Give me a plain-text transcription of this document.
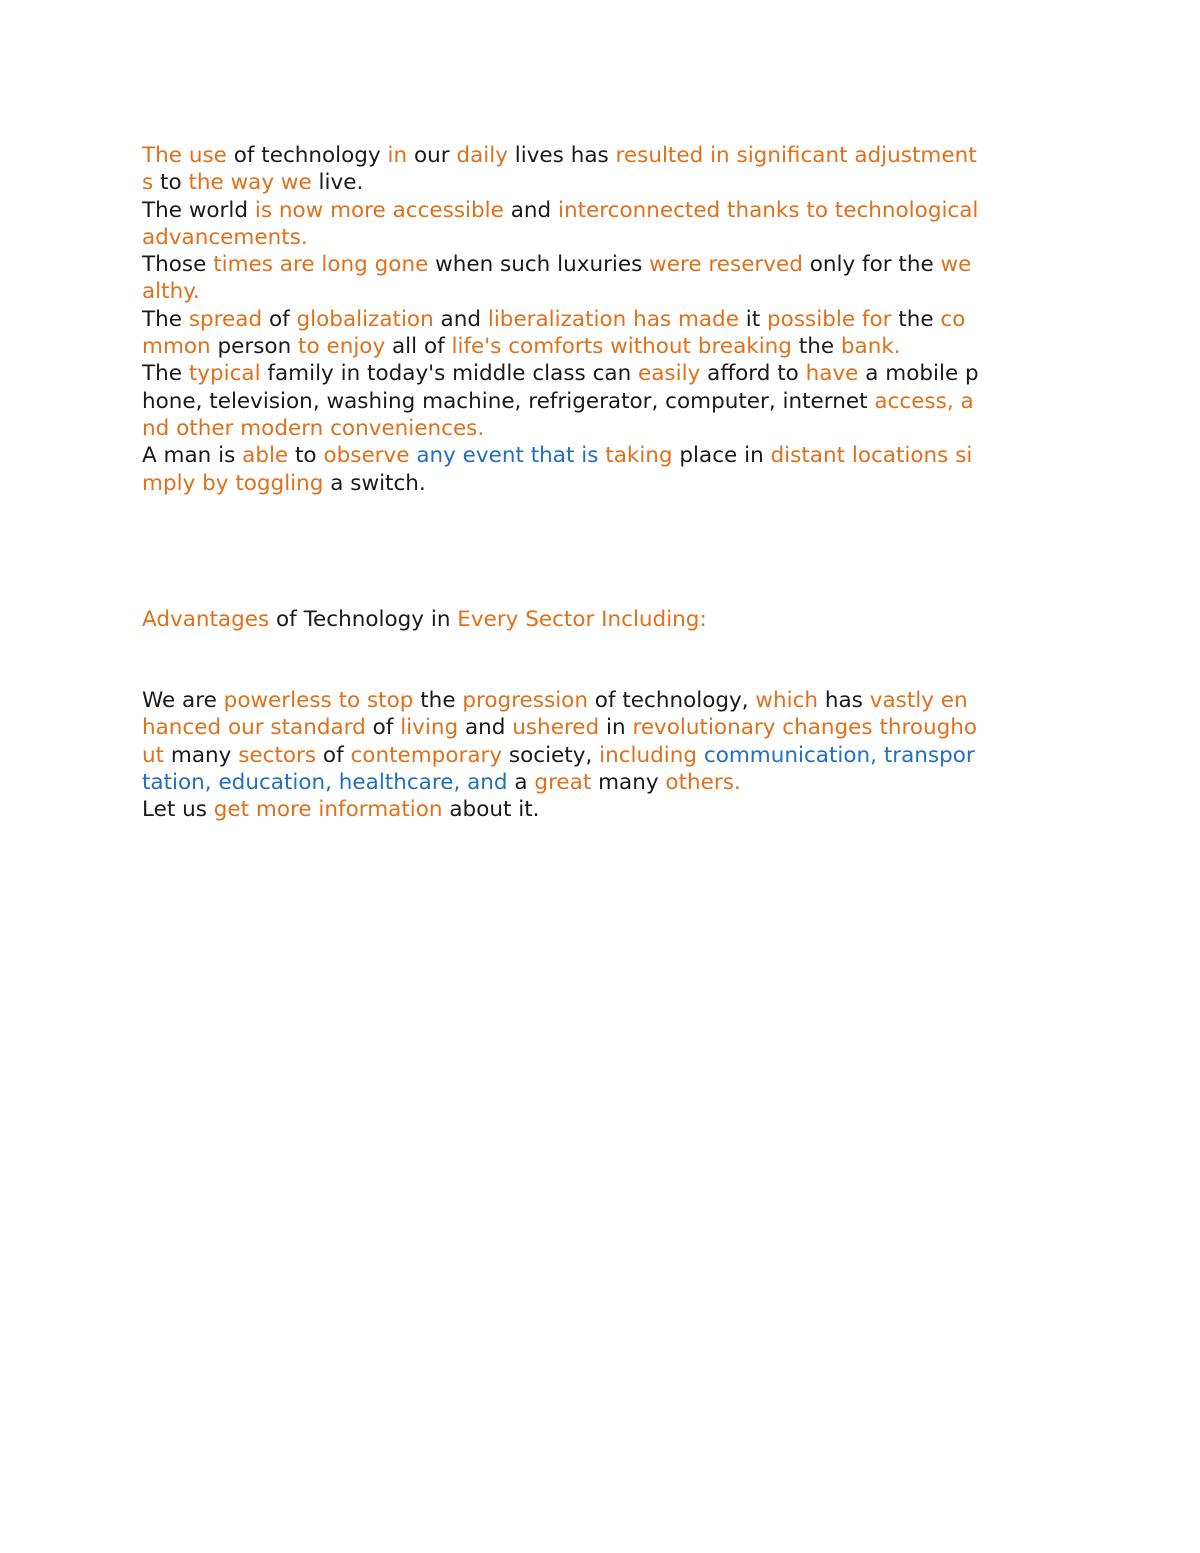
The use of technology in our daily lives has resulted in significant adjustment
s to the way we live.
The world is now more accessible and interconnected thanks to technological
advancements.
Those times are long gone when such luxuries were reserved only for the we
althy.
The spread of globalization and liberalization has made it possible for the co
mmon person to enjoy all of life's comforts without breaking the bank.
The typical family in today's middle class can easily afford to have a mobile p
hone, television, washing machine, refrigerator, computer, internet access, a
nd other modern conveniences.
A man is able to observe any event that is taking place in distant locations si
mply by toggling a switch.
Advantages of Technology in Every Sector Including:
We are powerless to stop the progression of technology, which has vastly en
hanced our standard of living and ushered in revolutionary changes througho
ut many sectors of contemporary society, including communication, transpor
tation, education, healthcare, and a great many others.
Let us get more information about it.
